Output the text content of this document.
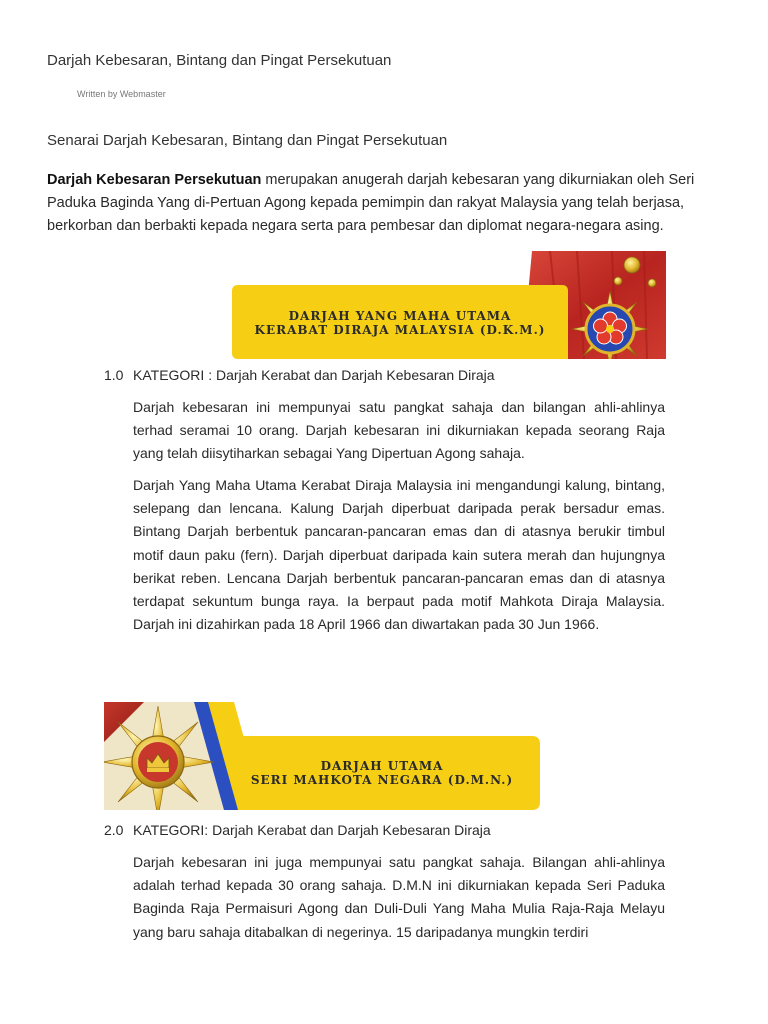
Darjah Kebesaran, Bintang dan Pingat Persekutuan
Written by Webmaster
Senarai Darjah Kebesaran, Bintang dan Pingat Persekutuan
Darjah Kebesaran Persekutuan merupakan anugerah darjah kebesaran yang dikurniakan oleh Seri Paduka Baginda Yang di-Pertuan Agong kepada pemimpin dan rakyat Malaysia yang telah berjasa, berkorban dan berbakti kepada negara serta para pembesar dan diplomat negara-negara asing.
DARJAH YANG MAHA UTAMA
KERABAT DIRAJA MALAYSIA (D.K.M.)
1.0 KATEGORI : Darjah Kerabat dan Darjah Kebesaran Diraja

Darjah kebesaran ini mempunyai satu pangkat sahaja dan bilangan ahli-ahlinya terhad seramai 10 orang. Darjah kebesaran ini dikurniakan kepada seorang Raja yang telah diisytiharkan sebagai Yang Dipertuan Agong sahaja.

Darjah Yang Maha Utama Kerabat Diraja Malaysia ini mengandungi kalung, bintang, selepang dan lencana. Kalung Darjah diperbuat daripada perak bersadur emas. Bintang Darjah berbentuk pancaran-pancaran emas dan di atasnya berukir timbul motif daun paku (fern). Darjah diperbuat daripada kain sutera merah dan hujungnya berikat reben. Lencana Darjah berbentuk pancaran-pancaran emas dan di atasnya terdapat sekuntum bunga raya. Ia berpaut pada motif Mahkota Diraja Malaysia. Darjah ini dizahirkan pada 18 April 1966 dan diwartakan pada 30 Jun 1966.

DARJAH UTAMA
SERI MAHKOTA NEGARA (D.M.N.)
2.0 KATEGORI: Darjah Kerabat dan Darjah Kebesaran Diraja

Darjah kebesaran ini juga mempunyai satu pangkat sahaja. Bilangan ahli-ahlinya adalah terhad kepada 30 orang sahaja. D.M.N ini dikurniakan kepada Seri Paduka Baginda Raja Permaisuri Agong dan Duli-Duli Yang Maha Mulia Raja-Raja Melayu yang baru sahaja ditabalkan di negerinya. 15 daripadanya mungkin terdiri
